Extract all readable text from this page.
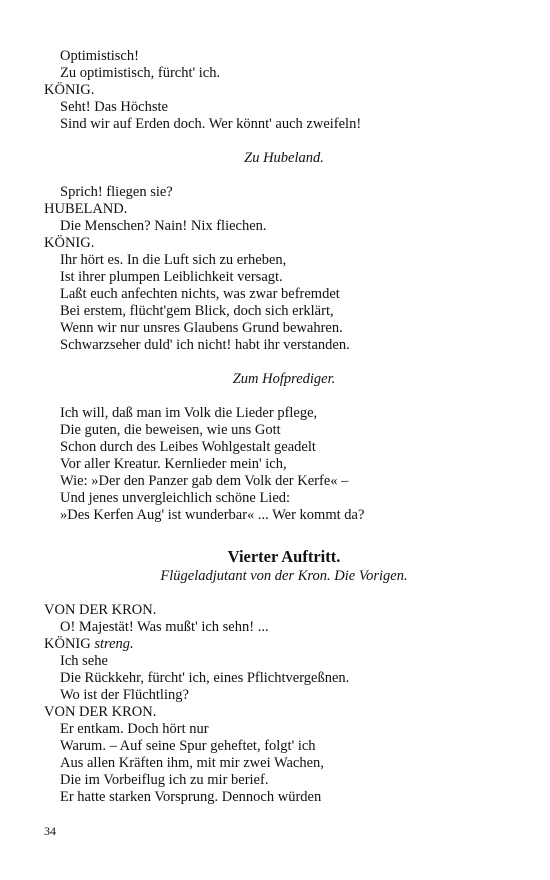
Optimistisch!
Zu optimistisch, fürcht' ich.
KÖNIG.
Seht! Das Höchste
Sind wir auf Erden doch. Wer könnt' auch zweifeln!
Zu Hubeland.
Sprich! fliegen sie?
HUBELAND.
Die Menschen? Nain! Nix fliechen.
KÖNIG.
Ihr hört es. In die Luft sich zu erheben,
Ist ihrer plumpen Leiblichkeit versagt.
Laßt euch anfechten nichts, was zwar befremdet
Bei erstem, flücht'gem Blick, doch sich erklärt,
Wenn wir nur unsres Glaubens Grund bewahren.
Schwarzseher duld' ich nicht! habt ihr verstanden.
Zum Hofprediger.
Ich will, daß man im Volk die Lieder pflege,
Die guten, die beweisen, wie uns Gott
Schon durch des Leibes Wohlgestalt geadelt
Vor aller Kreatur. Kernlieder mein' ich,
Wie: »Der den Panzer gab dem Volk der Kerfe« –
Und jenes unvergleichlich schöne Lied:
»Des Kerfen Aug' ist wunderbar« ... Wer kommt da?
Vierter Auftritt.
Flügeladjutant von der Kron. Die Vorigen.
VON DER KRON.
O! Majestät! Was mußt' ich sehn! ...
KÖNIG streng.
Ich sehe
Die Rückkehr, fürcht' ich, eines Pflichtvergeßnen.
Wo ist der Flüchtling?
VON DER KRON.
Er entkam. Doch hört nur
Warum. – Auf seine Spur geheftet, folgt' ich
Aus allen Kräften ihm, mit mir zwei Wachen,
Die im Vorbeiflug ich zu mir berief.
Er hatte starken Vorsprung. Dennoch würden
34
